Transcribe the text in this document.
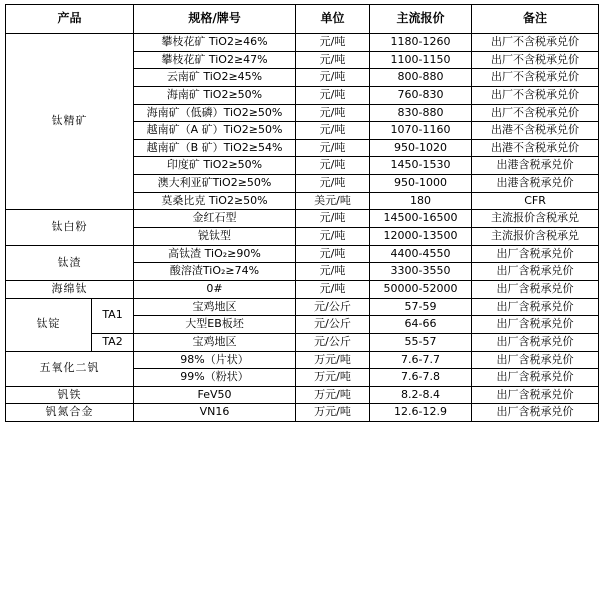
产品		规格/牌号	单位	主流报价	备注
钛精矿		攀枝花矿 TiO2≥46%	元/吨	1180-1260	出厂不含税承兑价
		攀枝花矿 TiO2≥47%	元/吨	1100-1150	出厂不含税承兑价
		云南矿 TiO2≥45%	元/吨	800-880	出厂不含税承兑价
		海南矿 TiO2≥50%	元/吨	760-830	出厂不含税承兑价
		海南矿（低磷）TiO2≥50%	元/吨	830-880	出厂不含税承兑价
		越南矿（A 矿）TiO2≥50%	元/吨	1070-1160	出港不含税承兑价
		越南矿（B 矿）TiO2≥54%	元/吨	950-1020	出港不含税承兑价
		印度矿 TiO2≥50%	元/吨	1450-1530	出港含税承兑价
		澳大利亚矿TiO2≥50%	元/吨	950-1000	出港含税承兑价
		莫桑比克 TiO2≥50%	美元/吨	180	CFR
钛白粉		金红石型	元/吨	14500-16500	主流报价含税承兑
		锐钛型	元/吨	12000-13500	主流报价含税承兑
钛渣		高钛渣 TiO₂≥90%	元/吨	4400-4550	出厂含税承兑价
		酸溶渣TiO₂≥74%	元/吨	3300-3550	出厂含税承兑价
海绵钛		0#	元/吨	50000-52000	出厂含税承兑价
钛锭	TA1	宝鸡地区	元/公斤	57-59	出厂含税承兑价
		大型EB板坯	元/公斤	64-66	出厂含税承兑价
	TA2	宝鸡地区	元/公斤	55-57	出厂含税承兑价
五氧化二钒		98%（片状）	万元/吨	7.6-7.7	出厂含税承兑价
		99%（粉状）	万元/吨	7.6-7.8	出厂含税承兑价
钒铁		FeV50	万元/吨	8.2-8.4	出厂含税承兑价
钒氮合金		VN16	万元/吨	12.6-12.9	出厂含税承兑价
